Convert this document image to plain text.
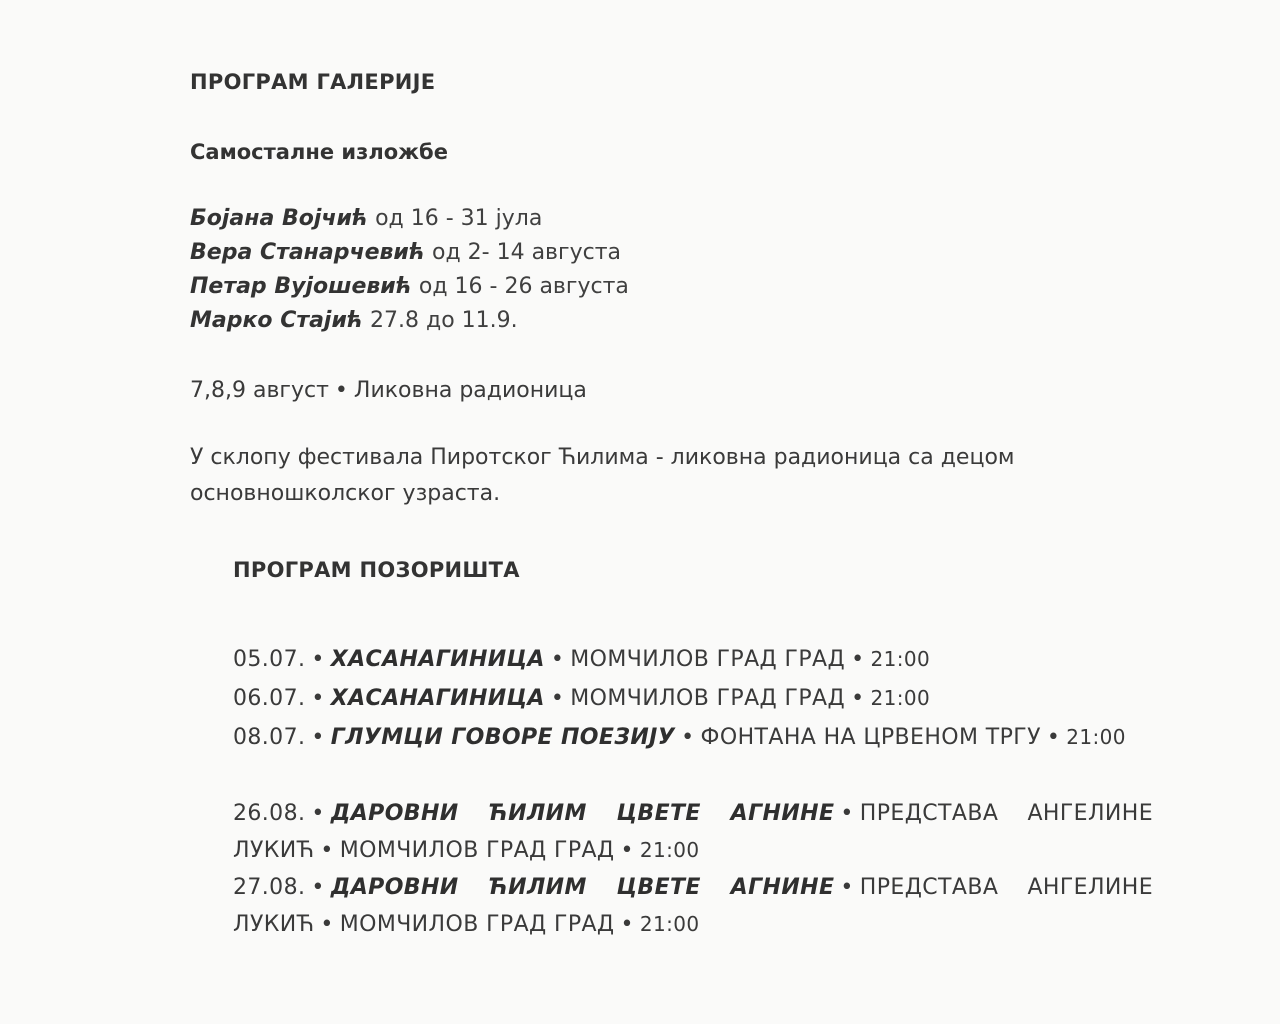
ПРОГРАМ ГАЛЕРИЈЕ
Самосталне изложбе
Бојана Војчић од 16 - 31 јула
Вера Станарчевић од 2- 14 августа
Петар Вујошевић од 16 - 26 августа
Марко Стајић 27.8 до 11.9.
7,8,9 август • Ликовна радионица
У склопу фестивала Пиротског Ћилима - ликовна радионица са децом
основношколског узраста.
ПРОГРАМ ПОЗОРИШТА
05.07. • ХАСАНАГИНИЦА • МОМЧИЛОВ ГРАД ГРАД • 21:00
06.07. • ХАСАНАГИНИЦА • МОМЧИЛОВ ГРАД ГРАД • 21:00
08.07. • ГЛУМЦИ ГОВОРЕ ПОЕЗИЈУ • ФОНТАНА НА ЦРВЕНОМ ТРГУ • 21:00
26.08. • ДАРОВНИ ЋИЛИМ ЦВЕТЕ АГНИНЕ • ПРЕДСТАВА АНГЕЛИНЕ ЛУКИЋ • МОМЧИЛОВ ГРАД ГРАД • 21:00
27.08. • ДАРОВНИ ЋИЛИМ ЦВЕТЕ АГНИНЕ • ПРЕДСТАВА АНГЕЛИНЕ ЛУКИЋ • МОМЧИЛОВ ГРАД ГРАД • 21:00
